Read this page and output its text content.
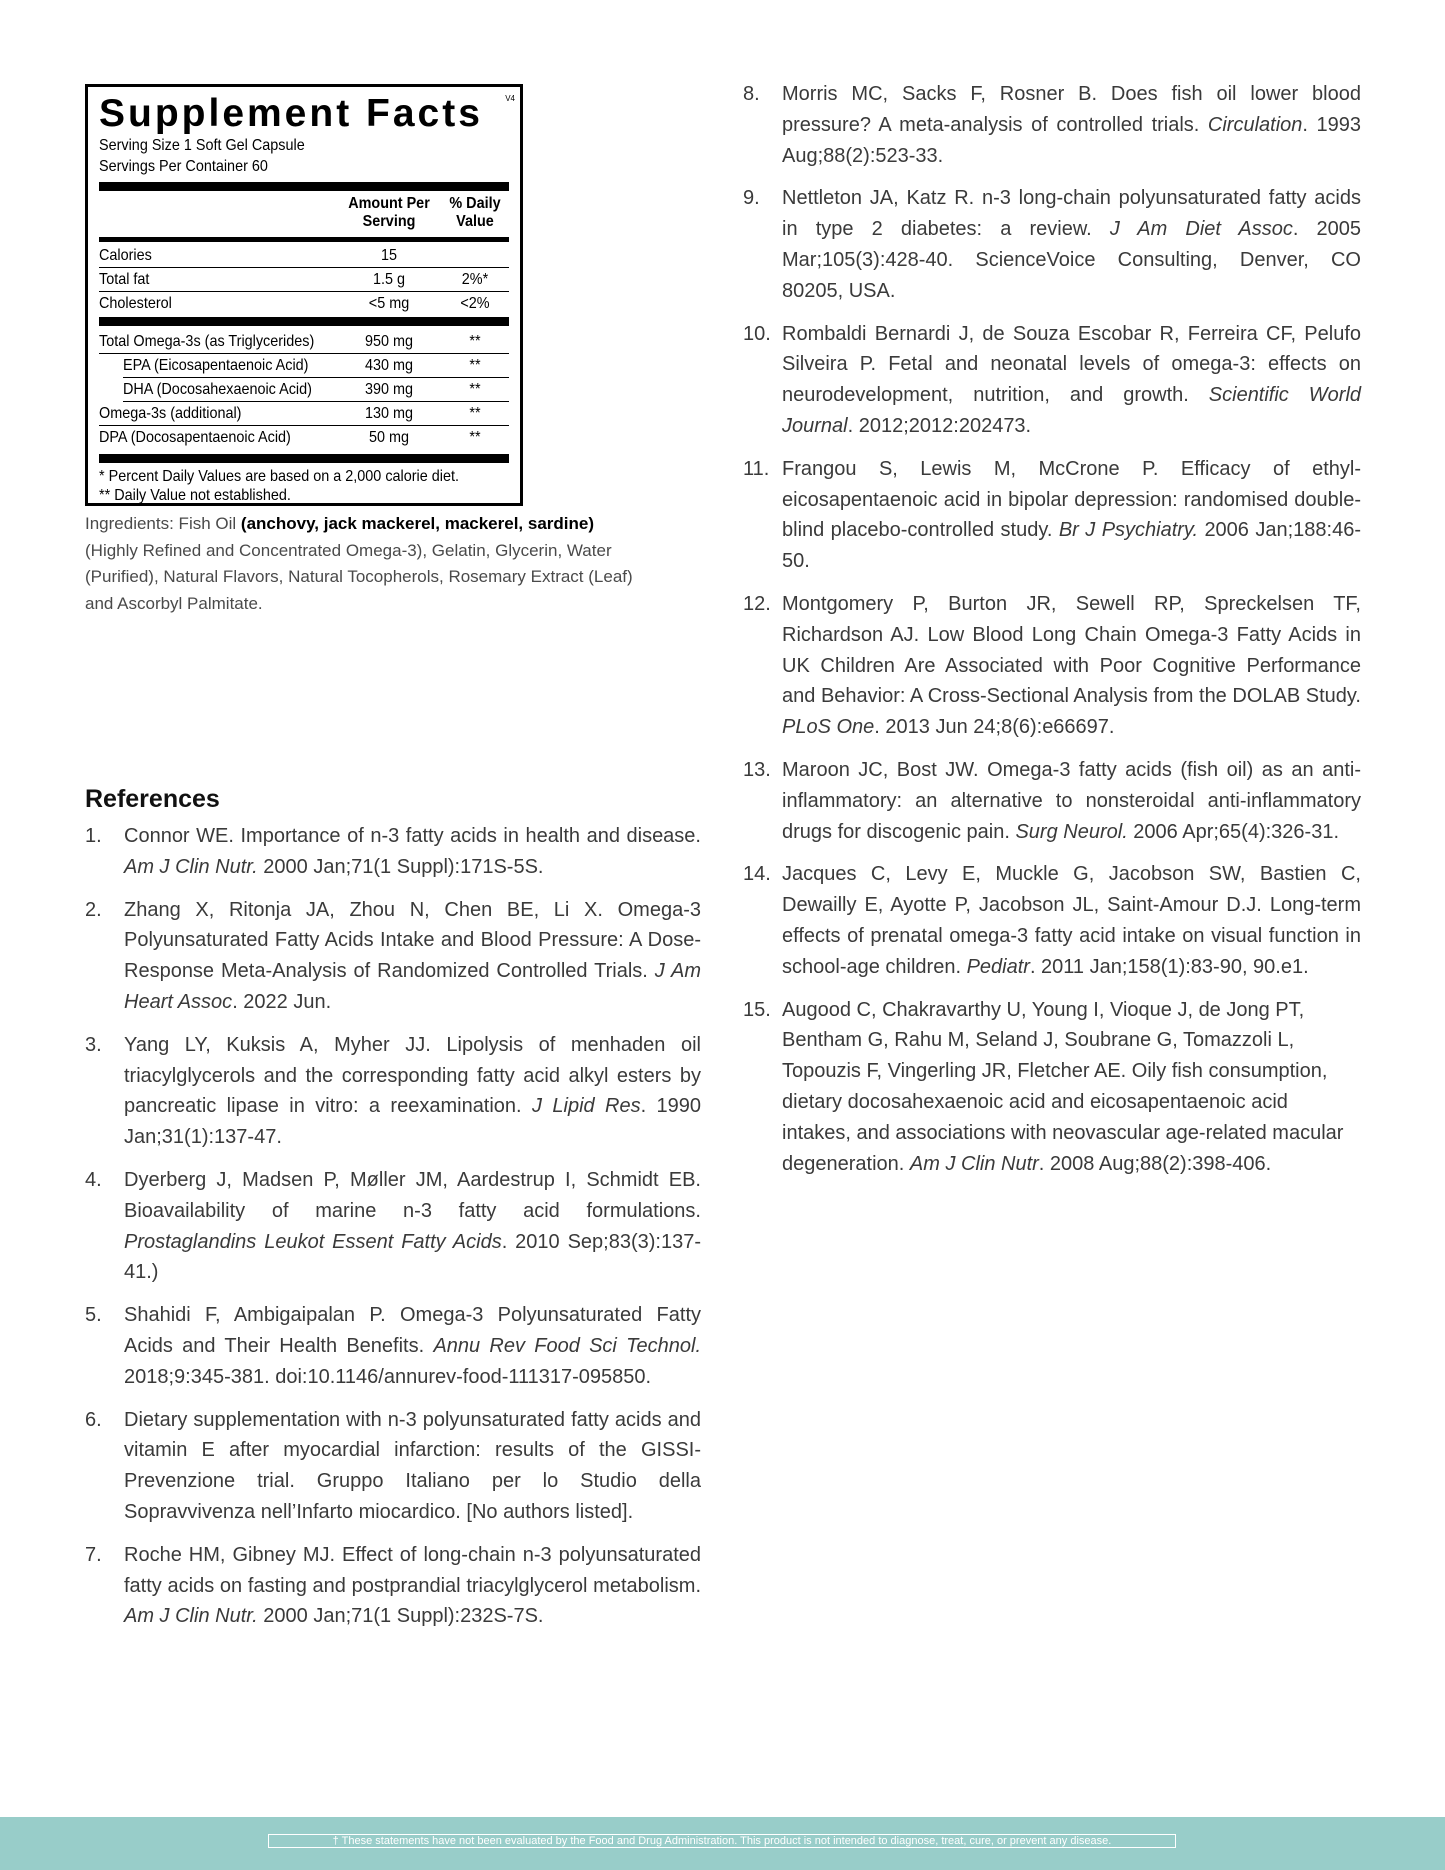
Supplement Facts	V4
Serving Size 1 Soft Gel Capsule
Servings Per Container 60
Amount Per Serving
% Daily Value
Calories	15
Total fat	1.5 g	2%*
Cholesterol	<5 mg	<2%
Total Omega-3s (as Triglycerides)	950 mg	**
EPA (Eicosapentaenoic Acid)	430 mg	**
DHA (Docosahexaenoic Acid)	390 mg	**
Omega-3s (additional)	130 mg	**
DPA (Docosapentaenoic Acid)	50 mg	**
* Percent Daily Values are based on a 2,000 calorie diet.
** Daily Value not established.
Ingredients: Fish Oil (anchovy, jack mackerel, mackerel, sardine) (Highly Refined and Concentrated Omega-3), Gelatin, Glycerin, Water (Purified), Natural Flavors, Natural Tocopherols, Rosemary Extract (Leaf) and Ascorbyl Palmitate.
References
1. Connor WE. Importance of n-3 fatty acids in health and disease. Am J Clin Nutr. 2000 Jan;71(1 Suppl):171S-5S.
2. Zhang X, Ritonja JA, Zhou N, Chen BE, Li X. Omega-3 Polyunsaturated Fatty Acids Intake and Blood Pressure: A Dose-Response Meta-Analysis of Randomized Controlled Trials. J Am Heart Assoc. 2022 Jun.
3. Yang LY, Kuksis A, Myher JJ. Lipolysis of menhaden oil triacylglycerols and the corresponding fatty acid alkyl esters by pancreatic lipase in vitro: a reexamination. J Lipid Res. 1990 Jan;31(1):137-47.
4. Dyerberg J, Madsen P, Møller JM, Aardestrup I, Schmidt EB. Bioavailability of marine n-3 fatty acid formulations. Prostaglandins Leukot Essent Fatty Acids. 2010 Sep;83(3):137-41.)
5. Shahidi F, Ambigaipalan P. Omega-3 Polyunsaturated Fatty Acids and Their Health Benefits. Annu Rev Food Sci Technol. 2018;9:345-381. doi:10.1146/annurev-food-111317-095850.
6. Dietary supplementation with n-3 polyunsaturated fatty acids and vitamin E after myocardial infarction: results of the GISSI-Prevenzione trial. Gruppo Italiano per lo Studio della Sopravvivenza nell’Infarto miocardico. [No authors listed].
7. Roche HM, Gibney MJ. Effect of long-chain n-3 polyunsaturated fatty acids on fasting and postprandial triacylglycerol metabolism. Am J Clin Nutr. 2000 Jan;71(1 Suppl):232S-7S.
8. Morris MC, Sacks F, Rosner B. Does fish oil lower blood pressure? A meta-analysis of controlled trials. Circulation. 1993 Aug;88(2):523-33.
9. Nettleton JA, Katz R. n-3 long-chain polyunsaturated fatty acids in type 2 diabetes: a review. J Am Diet Assoc. 2005 Mar;105(3):428-40. ScienceVoice Consulting, Denver, CO 80205, USA.
10. Rombaldi Bernardi J, de Souza Escobar R, Ferreira CF, Pelufo Silveira P. Fetal and neonatal levels of omega-3: effects on neurodevelopment, nutrition, and growth. Scientific World Journal. 2012;2012:202473.
11. Frangou S, Lewis M, McCrone P. Efficacy of ethyl-eicosapentaenoic acid in bipolar depression: randomised double-blind placebo-controlled study. Br J Psychiatry. 2006 Jan;188:46-50.
12. Montgomery P, Burton JR, Sewell RP, Spreckelsen TF, Richardson AJ. Low Blood Long Chain Omega-3 Fatty Acids in UK Children Are Associated with Poor Cognitive Performance and Behavior: A Cross-Sectional Analysis from the DOLAB Study. PLoS One. 2013 Jun 24;8(6):e66697.
13. Maroon JC, Bost JW. Omega-3 fatty acids (fish oil) as an anti-inflammatory: an alternative to nonsteroidal anti-inflammatory drugs for discogenic pain. Surg Neurol. 2006 Apr;65(4):326-31.
14. Jacques C, Levy E, Muckle G, Jacobson SW, Bastien C, Dewailly E, Ayotte P, Jacobson JL, Saint-Amour D.J. Long-term effects of prenatal omega-3 fatty acid intake on visual function in school-age children. Pediatr. 2011 Jan;158(1):83-90, 90.e1.
15. Augood C, Chakravarthy U, Young I, Vioque J, de Jong PT, Bentham G, Rahu M, Seland J, Soubrane G, Tomazzoli L, Topouzis F, Vingerling JR, Fletcher AE. Oily fish consumption, dietary docosahexaenoic acid and eicosapentaenoic acid intakes, and associations with neovascular age-related macular degeneration. Am J Clin Nutr. 2008 Aug;88(2):398-406.
† These statements have not been evaluated by the Food and Drug Administration. This product is not intended to diagnose, treat, cure, or prevent any disease.
